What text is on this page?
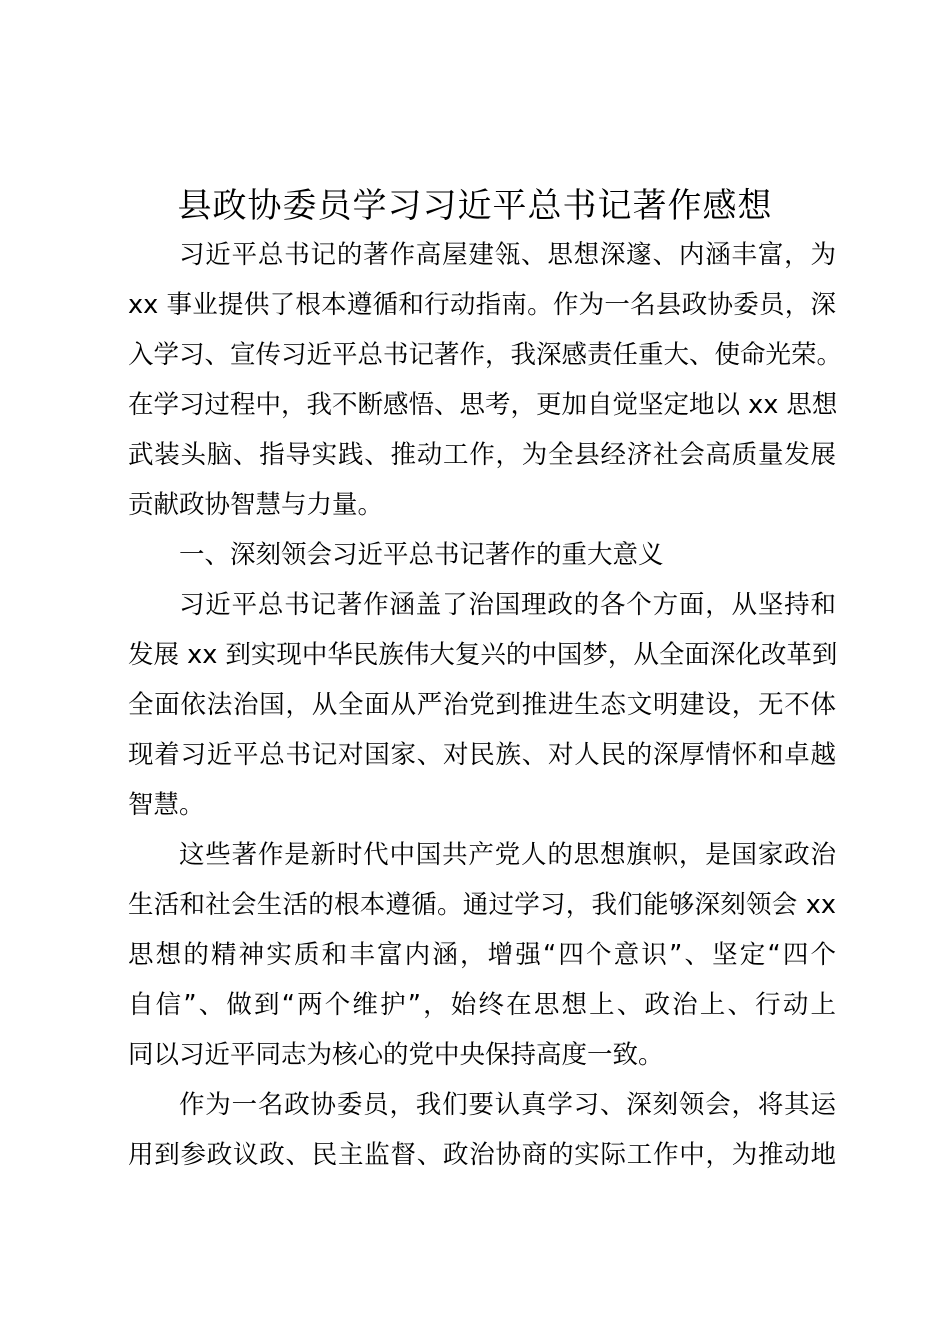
县政协委员学习习近平总书记著作感想

习近平总书记的著作高屋建瓴、思想深邃、内涵丰富，为

xx 事业提供了根本遵循和行动指南。作为一名县政协委员，深

入学习、宣传习近平总书记著作，我深感责任重大、使命光荣。

在学习过程中，我不断感悟、思考，更加自觉坚定地以 xx 思想

武装头脑、指导实践、推动工作，为全县经济社会高质量发展

贡献政协智慧与力量。

一、深刻领会习近平总书记著作的重大意义

习近平总书记著作涵盖了治国理政的各个方面，从坚持和

发展 xx 到实现中华民族伟大复兴的中国梦，从全面深化改革到

全面依法治国，从全面从严治党到推进生态文明建设，无不体

现着习近平总书记对国家、对民族、对人民的深厚情怀和卓越

智慧。

这些著作是新时代中国共产党人的思想旗帜，是国家政治

生活和社会生活的根本遵循。通过学习，我们能够深刻领会 xx

思想的精神实质和丰富内涵，增强“四个意识”、坚定“四个

自信”、做到“两个维护”，始终在思想上、政治上、行动上

同以习近平同志为核心的党中央保持高度一致。

作为一名政协委员，我们要认真学习、深刻领会，将其运

用到参政议政、民主监督、政治协商的实际工作中，为推动地
